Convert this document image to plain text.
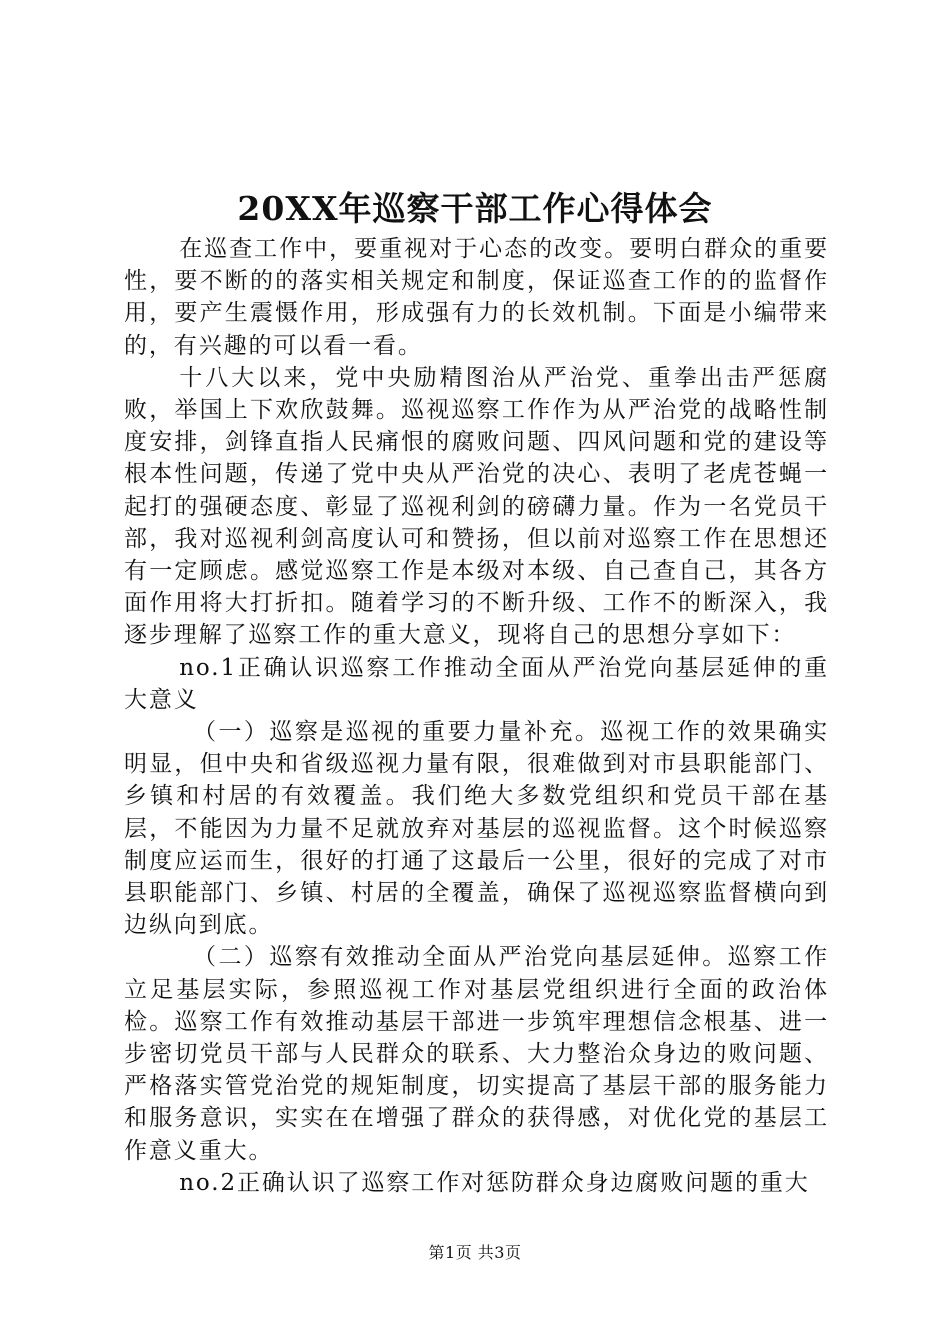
20XX年巡察干部工作心得体会

在巡查工作中，要重视对于心态的改变。要明白群众的重要性，要不断的的落实相关规定和制度，保证巡查工作的的监督作用，要产生震慑作用，形成强有力的长效机制。下面是小编带来的，有兴趣的可以看一看。

十八大以来，党中央励精图治从严治党、重拳出击严惩腐败，举国上下欢欣鼓舞。巡视巡察工作作为从严治党的战略性制度安排，剑锋直指人民痛恨的腐败问题、四风问题和党的建设等根本性问题，传递了党中央从严治党的决心、表明了老虎苍蝇一起打的强硬态度、彰显了巡视利剑的磅礴力量。作为一名党员干部，我对巡视利剑高度认可和赞扬，但以前对巡察工作在思想还有一定顾虑。感觉巡察工作是本级对本级、自己查自己，其各方面作用将大打折扣。随着学习的不断升级、工作不的断深入，我逐步理解了巡察工作的重大意义，现将自己的思想分享如下：

no.1正确认识巡察工作推动全面从严治党向基层延伸的重大意义

（一）巡察是巡视的重要力量补充。巡视工作的效果确实明显，但中央和省级巡视力量有限，很难做到对市县职能部门、乡镇和村居的有效覆盖。我们绝大多数党组织和党员干部在基层，不能因为力量不足就放弃对基层的巡视监督。这个时候巡察制度应运而生，很好的打通了这最后一公里，很好的完成了对市县职能部门、乡镇、村居的全覆盖，确保了巡视巡察监督横向到边纵向到底。

（二）巡察有效推动全面从严治党向基层延伸。巡察工作立足基层实际，参照巡视工作对基层党组织进行全面的政治体检。巡察工作有效推动基层干部进一步筑牢理想信念根基、进一步密切党员干部与人民群众的联系、大力整治众身边的败问题、严格落实管党治党的规矩制度，切实提高了基层干部的服务能力和服务意识，实实在在增强了群众的获得感，对优化党的基层工作意义重大。

no.2正确认识了巡察工作对惩防群众身边腐败问题的重大

第1页 共3页
